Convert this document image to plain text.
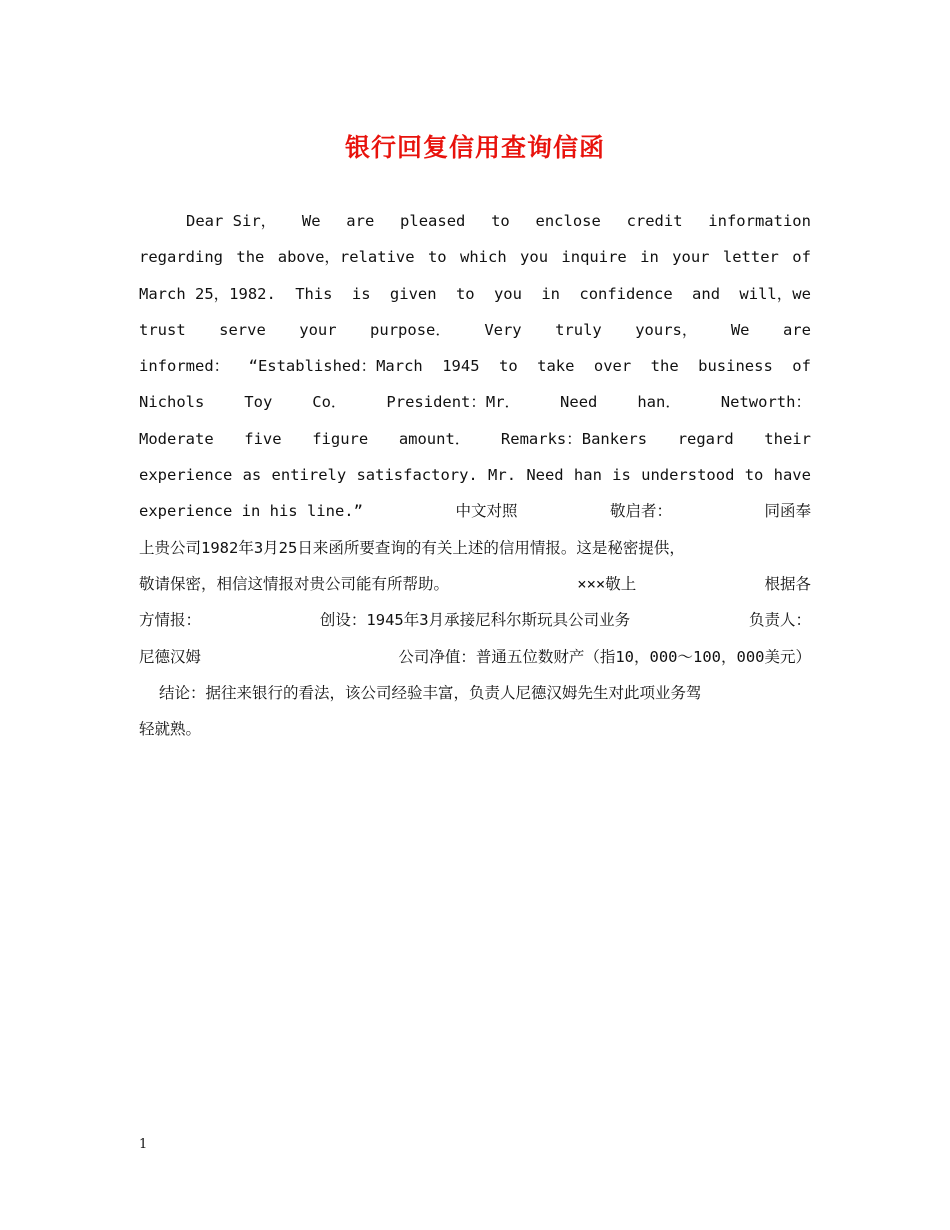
银行回复信用查询信函
Dear Sir， We are pleased to enclose credit information
regarding the above，relative to which you inquire in your letter of
March 25，1982. This is given to you in confidence and will，we
trust serve your purpose． Very truly yours， We are
informed： “Established：March 1945 to take over the business of
Nichols	Toy	Co．	President：Mr．	Need	han．	Networth：
Moderate five figure amount． Remarks：Bankers regard their
experience as entirely satisfactory. Mr. Need han is understood to have
experience in his line.”	中文对照	敬启者：	同函奉
上贵公司1982年3月25日来函所要查询的有关上述的信用情报。这是秘密提供，
敬请保密，相信这情报对贵公司能有所帮助。	×××敬上	根据各
方情报：	创设：1945年3月承接尼科尔斯玩具公司业务	负责人：
尼德汉姆	公司净值：普通五位数财产（指10，000～100，000美元）
结论：据往来银行的看法，该公司经验丰富，负责人尼德汉姆先生对此项业务驾
轻就熟。
1
